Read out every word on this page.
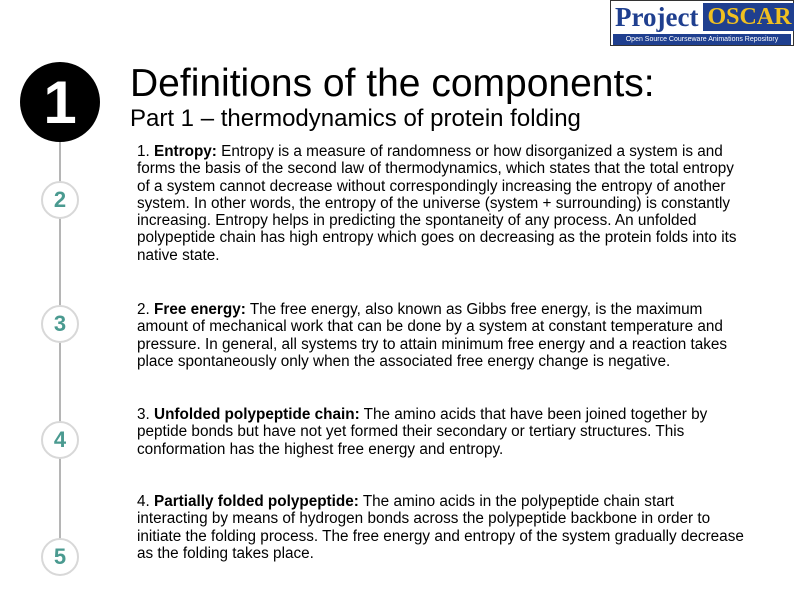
Project OSCAR
Open Source Courseware Animations Repository
1
2
3
4
5
Definitions of the components:
Part 1 – thermodynamics of protein folding
1. Entropy: Entropy is a measure of randomness or how disorganized a system is and forms the basis of the second law of thermodynamics, which states that the total entropy of a system cannot decrease without correspondingly increasing the entropy of another system. In other words, the entropy of the universe (system + surrounding) is constantly increasing. Entropy helps in predicting the spontaneity of any process. An unfolded polypeptide chain has high entropy which goes on decreasing as the protein folds into its native state.
2. Free energy: The free energy, also known as Gibbs free energy, is the maximum amount of mechanical work that can be done by a system at constant temperature and pressure. In general, all systems try to attain minimum free energy and a reaction takes place spontaneously only when the associated free energy change is negative.
3. Unfolded polypeptide chain: The amino acids that have been joined together by peptide bonds but have not yet formed their secondary or tertiary structures. This conformation has the highest free energy and entropy.
4. Partially folded polypeptide: The amino acids in the polypeptide chain start interacting by means of hydrogen bonds across the polypeptide backbone in order to initiate the folding process. The free energy and entropy of the system gradually decrease as the folding takes place.
